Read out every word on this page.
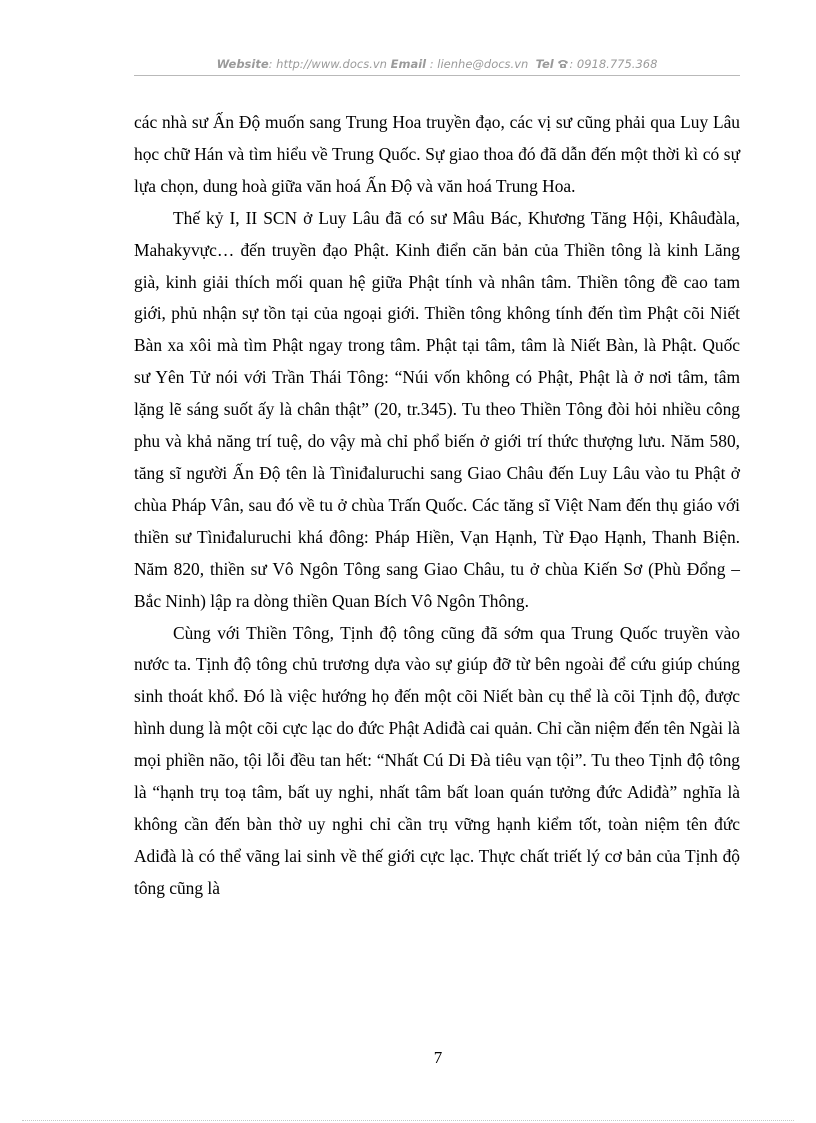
Website: http://www.docs.vn Email : lienhe@docs.vn Tel : 0918.775.368

các nhà sư Ấn Độ muốn sang Trung Hoa truyền đạo, các vị sư cũng phải qua Luy Lâu học chữ Hán và tìm hiểu về Trung Quốc. Sự giao thoa đó đã dẫn đến một thời kì có sự lựa chọn, dung hoà giữa văn hoá Ấn Độ và văn hoá Trung Hoa.

Thế kỷ I, II SCN ở Luy Lâu đã có sư Mâu Bác, Khương Tăng Hội, Khâuđàla, Mahakyvực… đến truyền đạo Phật. Kinh điển căn bản của Thiền tông là kinh Lăng già, kinh giải thích mối quan hệ giữa Phật tính và nhân tâm. Thiền tông đề cao tam giới, phủ nhận sự tồn tại của ngoại giới. Thiền tông không tính đến tìm Phật cõi Niết Bàn xa xôi mà tìm Phật ngay trong tâm. Phật tại tâm, tâm là Niết Bàn, là Phật. Quốc sư Yên Tử nói với Trần Thái Tông: “Núi vốn không có Phật, Phật là ở nơi tâm, tâm lặng lẽ sáng suốt ấy là chân thật” (20, tr.345). Tu theo Thiền Tông đòi hỏi nhiều công phu và khả năng trí tuệ, do vậy mà chỉ phổ biến ở giới trí thức thượng lưu. Năm 580, tăng sĩ người Ấn Độ tên là Tìniđaluruchi sang Giao Châu đến Luy Lâu vào tu Phật ở chùa Pháp Vân, sau đó về tu ở chùa Trấn Quốc. Các tăng sĩ Việt Nam đến thụ giáo với thiền sư Tìniđaluruchi khá đông: Pháp Hiền, Vạn Hạnh, Từ Đạo Hạnh, Thanh Biện. Năm 820, thiền sư Vô Ngôn Tông sang Giao Châu, tu ở chùa Kiến Sơ (Phù Đổng – Bắc Ninh) lập ra dòng thiền Quan Bích Vô Ngôn Thông.

Cùng với Thiền Tông, Tịnh độ tông cũng đã sớm qua Trung Quốc truyền vào nước ta. Tịnh độ tông chủ trương dựa vào sự giúp đỡ từ bên ngoài để cứu giúp chúng sinh thoát khổ. Đó là việc hướng họ đến một cõi Niết bàn cụ thể là cõi Tịnh độ, được hình dung là một cõi cực lạc do đức Phật Adiđà cai quản. Chỉ cần niệm đến tên Ngài là mọi phiền não, tội lỗi đều tan hết: “Nhất Cú Di Đà tiêu vạn tội”. Tu theo Tịnh độ tông là “hạnh trụ toạ tâm, bất uy nghi, nhất tâm bất loan quán tưởng đức Adiđà” nghĩa là không cần đến bàn thờ uy nghi chỉ cần trụ vững hạnh kiểm tốt, toàn niệm tên đức Adiđà là có thể vãng lai sinh về thế giới cực lạc. Thực chất triết lý cơ bản của Tịnh độ tông cũng là

7
